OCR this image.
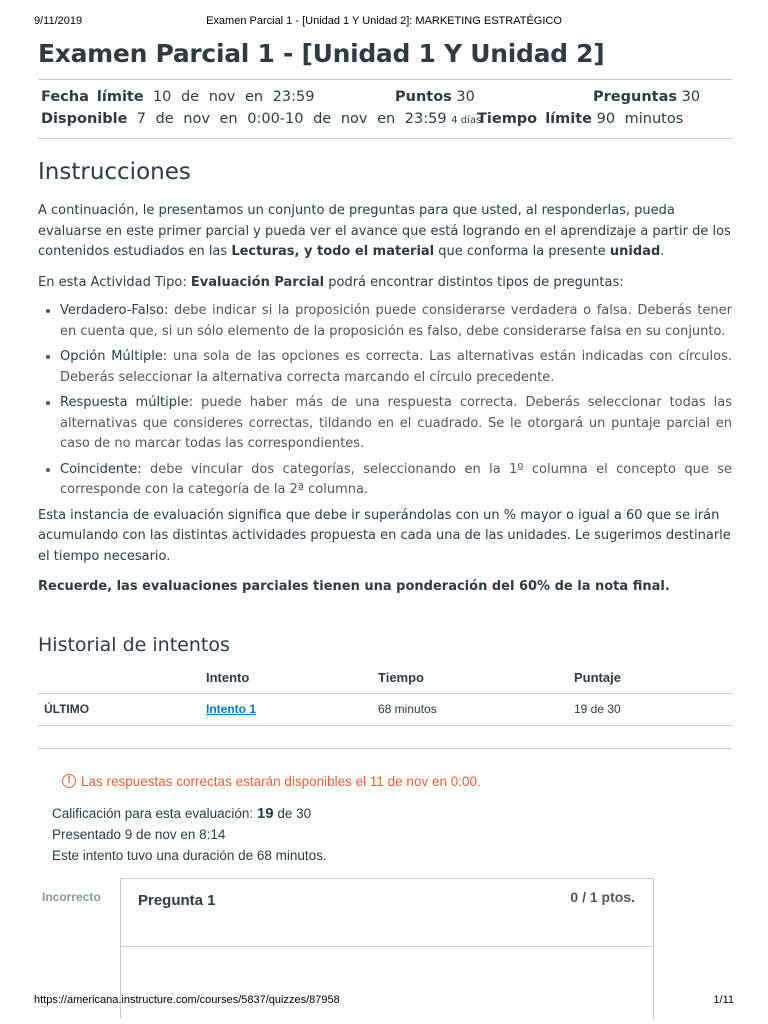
9/11/2019	Examen Parcial 1 - [Unidad 1 Y Unidad 2]: MARKETING ESTRATÉGICO
Examen Parcial 1 - [Unidad 1 Y Unidad 2]
Fecha límite 10 de nov en 23:59	Puntos 30	Preguntas 30
Disponible 7 de nov en 0:00-10 de nov en 23:59 4 días
Tiempo límite 90 minutos
Instrucciones

A continuación, le presentamos un conjunto de preguntas para que usted, al responderlas, pueda evaluarse en este primer parcial y pueda ver el avance que está logrando en el aprendizaje a partir de los contenidos estudiados en las Lecturas, y todo el material que conforma la presente unidad.

En esta Actividad Tipo: Evaluación Parcial podrá encontrar distintos tipos de preguntas:

• Verdadero-Falso: debe indicar si la proposición puede considerarse verdadera o falsa. Deberás tener en cuenta que, si un sólo elemento de la proposición es falso, debe considerarse falsa en su conjunto.
• Opción Múltiple: una sola de las opciones es correcta. Las alternativas están indicadas con círculos. Deberás seleccionar la alternativa correcta marcando el círculo precedente.
• Respuesta múltiple: puede haber más de una respuesta correcta. Deberás seleccionar todas las alternativas que consideres correctas, tildando en el cuadrado. Se le otorgará un puntaje parcial en caso de no marcar todas las correspondientes.
• Coincidente: debe vincular dos categorías, seleccionando en la 1º columna el concepto que se corresponde con la categoría de la 2ª columna.

Esta instancia de evaluación significa que debe ir superándolas con un % mayor o igual a 60 que se irán acumulando con las distintas actividades propuesta en cada una de las unidades. Le sugerimos destinarle el tiempo necesario.

Recuerde, las evaluaciones parciales tienen una ponderación del 60% de la nota final.

Historial de intentos
	Intento	Tiempo	Puntaje
ÚLTIMO	Intento 1	68 minutos	19 de 30
! Las respuestas correctas estarán disponibles el 11 de nov en 0:00.
Calificación para esta evaluación: 19 de 30
Presentado 9 de nov en 8:14
Este intento tuvo una duración de 68 minutos.
Incorrecto Pregunta 1	0 / 1 ptos.
https://americana.instructure.com/courses/5837/quizzes/87958	1/11
